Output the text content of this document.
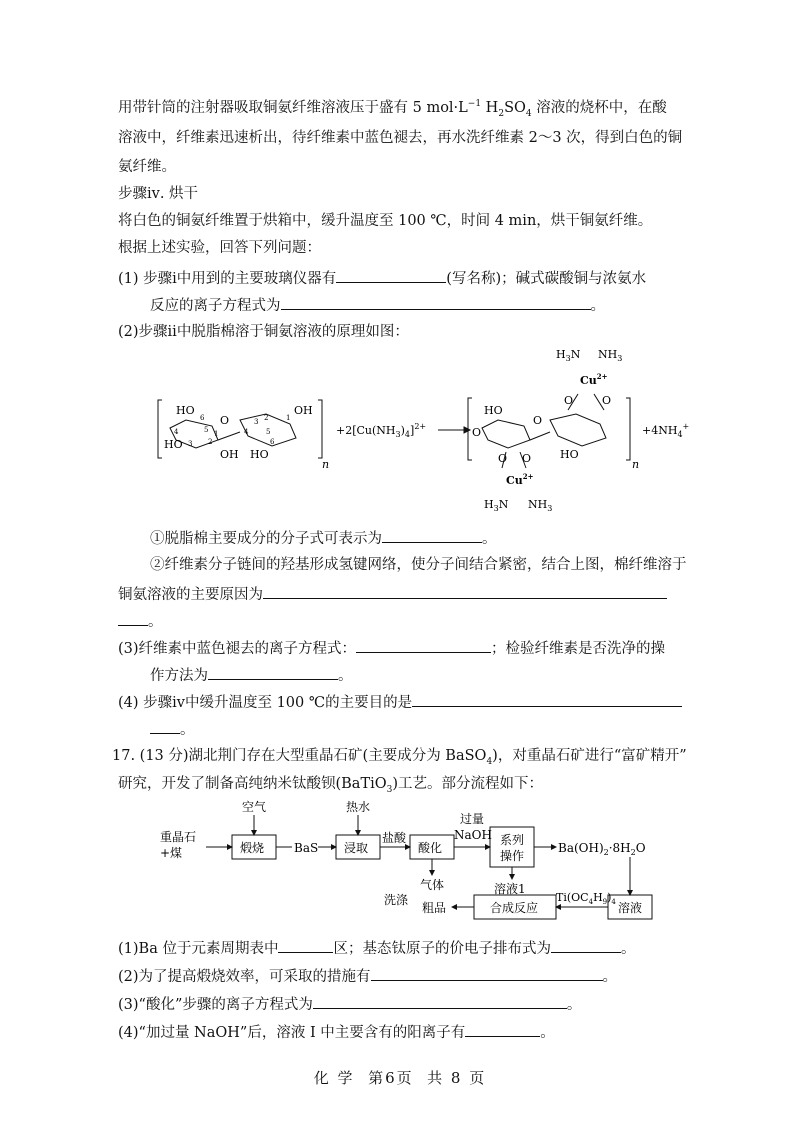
用带针筒的注射器吸取铜氨纤维溶液压于盛有 5 $mol\cdot L^{-1}$ $H_2SO_4$ 溶液的烧杯中，在酸
溶液中，纤维素迅速析出，待纤维素中蓝色褪去，再水洗纤维素 2～3 次，得到白色的铜
氨纤维。
步骤ⅳ. 烘干
将白色的铜氨纤维置于烘箱中，缓升温度至 100 ℃，时间 4 min，烘干铜氨纤维。
根据上述实验，回答下列问题：
(1) 步骤ⅰ中用到的主要玻璃仪器有	(写名称)；碱式碳酸铜与浓氨水
反应的离子方程式为	。
(2)步骤ⅱ中脱脂棉溶于铜氨溶液的原理如图：
HO
HO
OH
OH HO
O
n
$+2[Cu(NH_3)_4]^{2+}$
$Cu^{2+}$
$H_3N$ $NH_3$
O	O
HO
O
O
HO
O O
$Cu^{2+}$
$H_3N$ $NH_3$
n
$+4NH_4^+$
6
5
4
3 2
1
1
2
3
4	5
6
①脱脂棉主要成分的分子式可表示为	。
②纤维素分子链间的羟基形成氢键网络，使分子间结合紧密，结合上图，棉纤维溶于
铜氨溶液的主要原因为
。
(3)纤维素中蓝色褪去的离子方程式：	；检验纤维素是否洗净的操
作方法为	。
(4) 步骤ⅳ中缓升温度至 100 ℃的主要目的是
。
17. (13 分)湖北荆门存在大型重晶石矿(主要成分为 BaSO$_4$)，对重晶石矿进行“富矿精开”
研究，开发了制备高纯纳米钛酸钡(BaTiO$_3$)工艺。部分流程如下：
重晶石
+煤
空气
煅烧 BaS
热水
浸取
盐酸
酸化
气体
过量
NaOH 系列
操作
溶液1
$Ba(OH)_2\cdot 8H_2O$
溶液
$Ti(OC_4H_9)_4$
合成反应
粗品
洗涤
(1)Ba 位于元素周期表中	区；基态钛原子的价电子排布式为	。
(2)为了提高煅烧效率，可采取的措施有	。
(3)“酸化”步骤的离子方程式为	。
(4)“加过量 NaOH”后，溶液 Ⅰ 中主要含有的阳离子有	。
化 学 第6页 共 8 页
